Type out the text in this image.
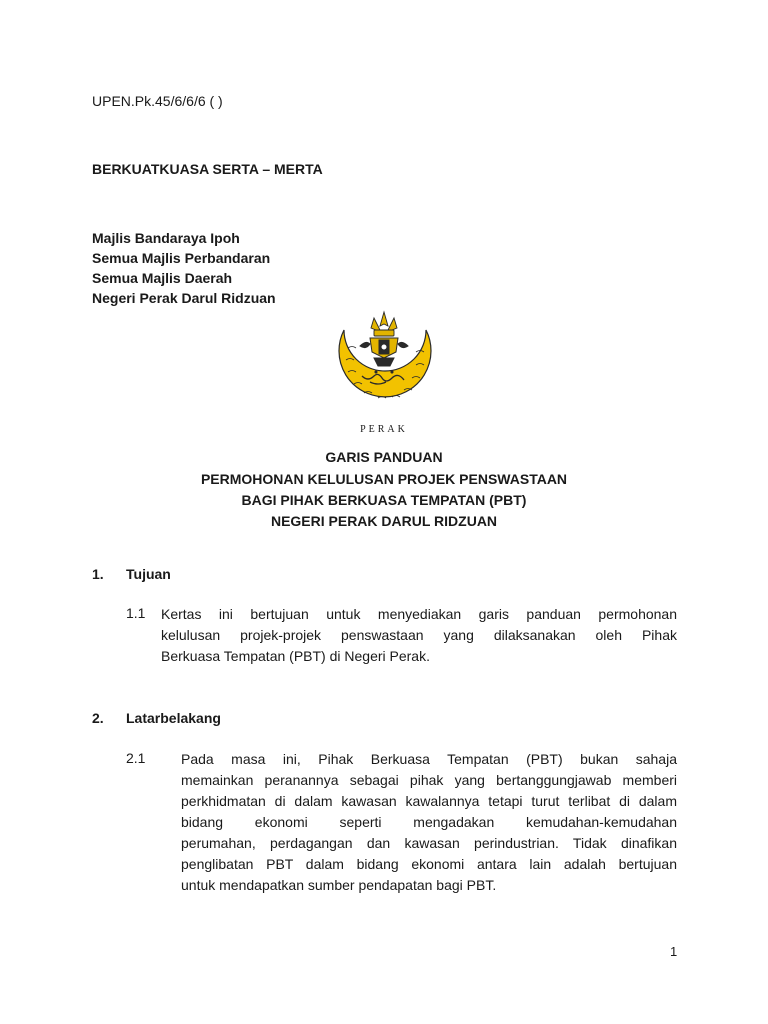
UPEN.Pk.45/6/6/6 ( )
BERKUATKUASA SERTA – MERTA
Majlis Bandaraya Ipoh
Semua Majlis Perbandaran
Semua Majlis Daerah
Negeri Perak Darul Ridzuan
PERAK
GARIS PANDUAN
PERMOHONAN KELULUSAN PROJEK PENSWASTAAN
BAGI PIHAK BERKUASA TEMPATAN (PBT)
NEGERI PERAK DARUL RIDZUAN
1. Tujuan
1.1 Kertas ini bertujuan untuk menyediakan garis panduan permohonan
kelulusan projek-projek penswastaan yang dilaksanakan oleh Pihak
Berkuasa Tempatan (PBT) di Negeri Perak.
2. Latarbelakang
2.1	Pada masa ini, Pihak Berkuasa Tempatan (PBT) bukan sahaja
memainkan peranannya sebagai pihak yang bertanggungjawab memberi
perkhidmatan di dalam kawasan kawalannya tetapi turut terlibat di dalam
bidang ekonomi seperti mengadakan kemudahan-kemudahan
perumahan, perdagangan dan kawasan perindustrian. Tidak dinafikan
penglibatan PBT dalam bidang ekonomi antara lain adalah bertujuan
untuk mendapatkan sumber pendapatan bagi PBT.
1
